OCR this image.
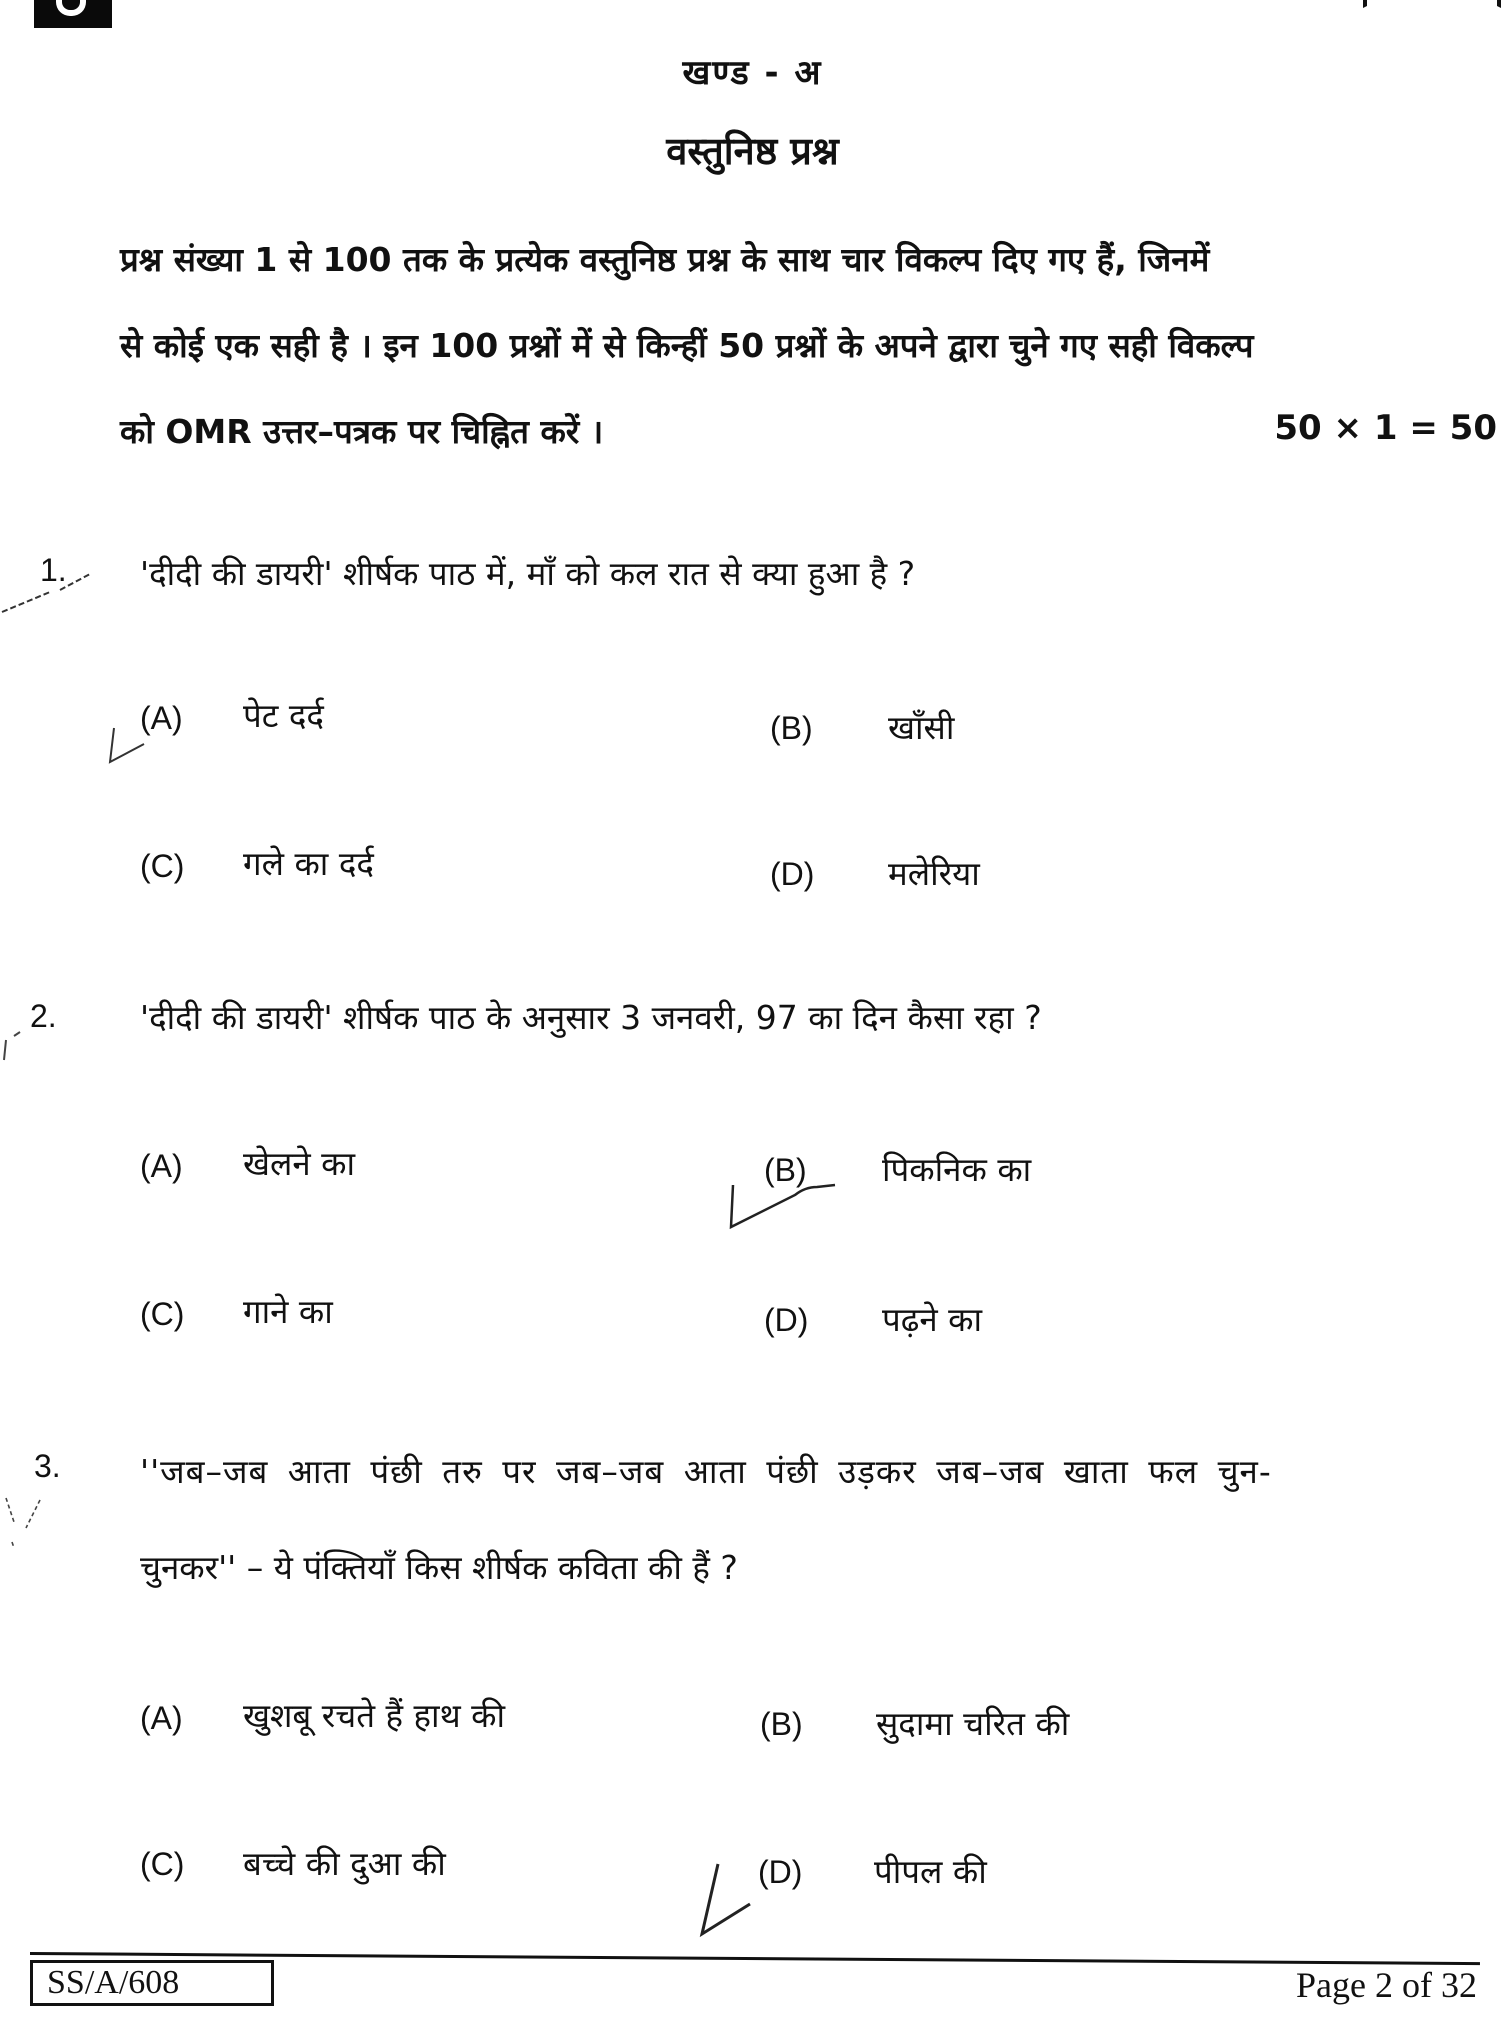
खण्ड - अ
वस्तुनिष्ठ प्रश्न
प्रश्न संख्या 1 से 100 तक के प्रत्येक वस्तुनिष्ठ प्रश्न के साथ चार विकल्प दिए गए हैं, जिनमें
से कोई एक सही है । इन 100 प्रश्नों में से किन्हीं 50 प्रश्नों के अपने द्वारा चुने गए सही विकल्प
को OMR उत्तर–पत्रक पर चिह्नित करें ।	50 × 1 = 50
1. 'दीदी की डायरी' शीर्षक पाठ में, माँ को कल रात से क्या हुआ है ?
(A) पेट दर्द	(B) खाँसी
(C) गले का दर्द	(D) मलेरिया
2.	'दीदी की डायरी' शीर्षक पाठ के अनुसार 3 जनवरी, 97 का दिन कैसा रहा ?
(A) खेलने का	(B) पिकनिक का
(C) गाने का	(D) पढ़ने का
3. ''जब–जब आता पंछी तरु पर जब–जब आता पंछी उड़कर जब–जब खाता फल चुन-
चुनकर'' – ये पंक्तियाँ किस शीर्षक कविता की हैं ?
(A) खुशबू रचते हैं हाथ की	(B) सुदामा चरित की
(C) बच्चे की दुआ की	(D) पीपल की
SS/A/608	Page 2 of 32
